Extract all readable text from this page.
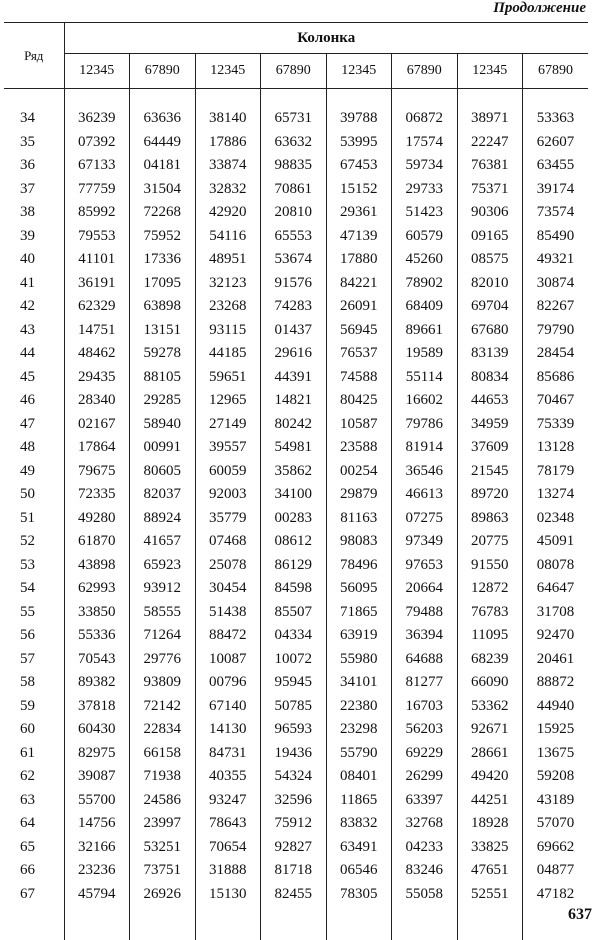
Продолжение
Ряд	Колонка							
	12345	67890	12345	67890	12345	67890	12345	67890
34	36239	63636	38140	65731	39788	06872	38971	53363
35	07392	64449	17886	63632	53995	17574	22247	62607
36	67133	04181	33874	98835	67453	59734	76381	63455
37	77759	31504	32832	70861	15152	29733	75371	39174
38	85992	72268	42920	20810	29361	51423	90306	73574
39	79553	75952	54116	65553	47139	60579	09165	85490
40	41101	17336	48951	53674	17880	45260	08575	49321
41	36191	17095	32123	91576	84221	78902	82010	30874
42	62329	63898	23268	74283	26091	68409	69704	82267
43	14751	13151	93115	01437	56945	89661	67680	79790
44	48462	59278	44185	29616	76537	19589	83139	28454
45	29435	88105	59651	44391	74588	55114	80834	85686
46	28340	29285	12965	14821	80425	16602	44653	70467
47	02167	58940	27149	80242	10587	79786	34959	75339
48	17864	00991	39557	54981	23588	81914	37609	13128
49	79675	80605	60059	35862	00254	36546	21545	78179
50	72335	82037	92003	34100	29879	46613	89720	13274
51	49280	88924	35779	00283	81163	07275	89863	02348
52	61870	41657	07468	08612	98083	97349	20775	45091
53	43898	65923	25078	86129	78496	97653	91550	08078
54	62993	93912	30454	84598	56095	20664	12872	64647
55	33850	58555	51438	85507	71865	79488	76783	31708
56	55336	71264	88472	04334	63919	36394	11095	92470
57	70543	29776	10087	10072	55980	64688	68239	20461
58	89382	93809	00796	95945	34101	81277	66090	88872
59	37818	72142	67140	50785	22380	16703	53362	44940
60	60430	22834	14130	96593	23298	56203	92671	15925
61	82975	66158	84731	19436	55790	69229	28661	13675
62	39087	71938	40355	54324	08401	26299	49420	59208
63	55700	24586	93247	32596	11865	63397	44251	43189
64	14756	23997	78643	75912	83832	32768	18928	57070
65	32166	53251	70654	92827	63491	04233	33825	69662
66	23236	73751	31888	81718	06546	83246	47651	04877
67	45794	26926	15130	82455	78305	55058	52551	47182

637
